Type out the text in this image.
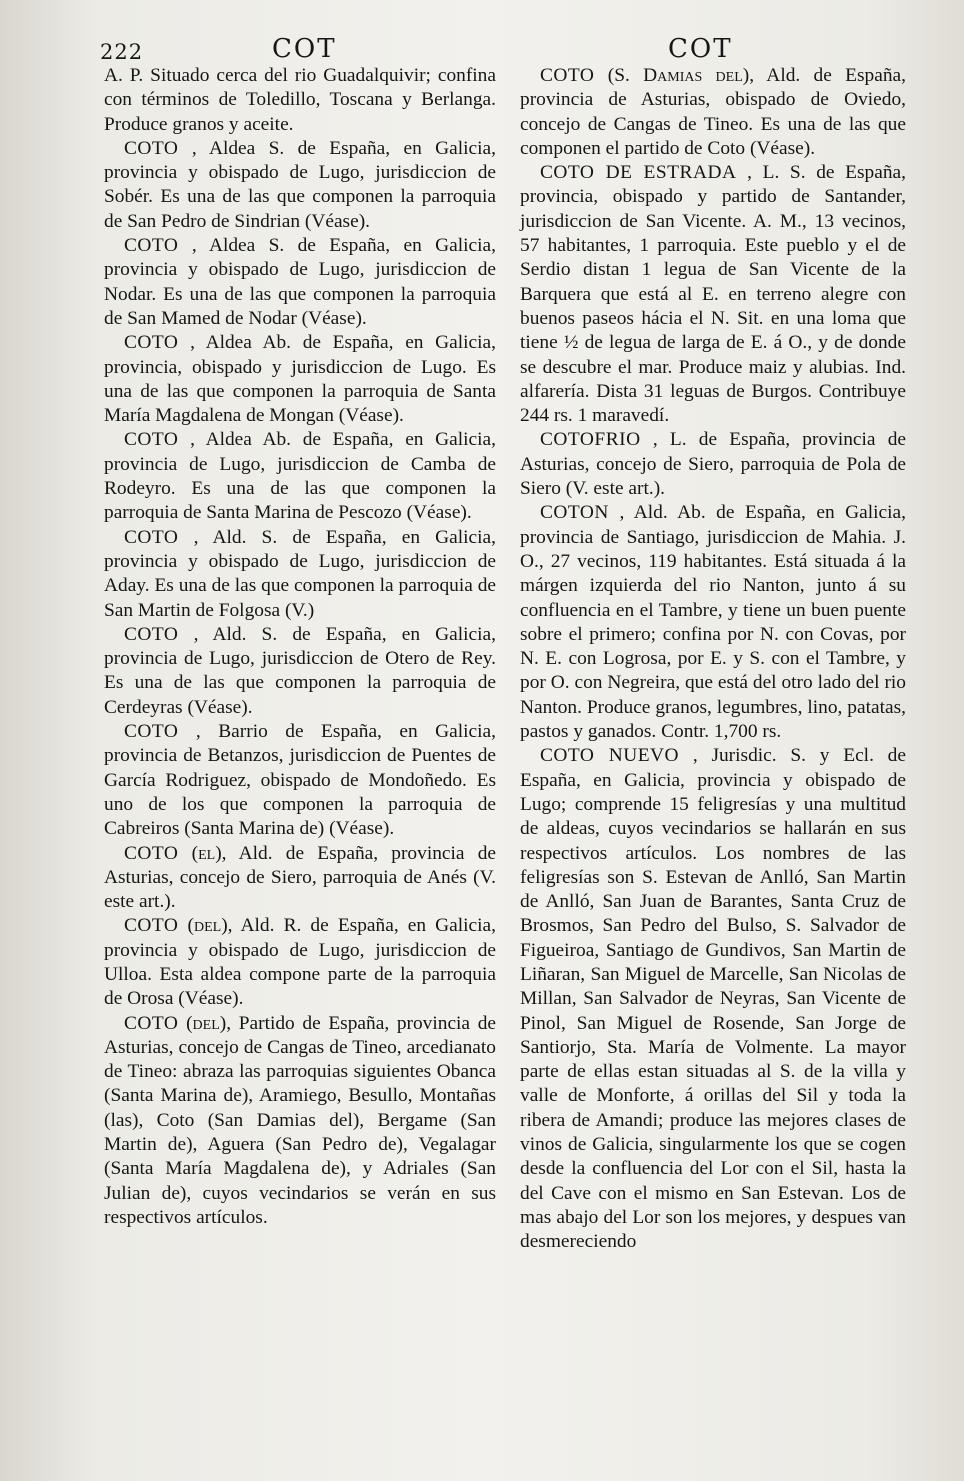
222	COT	COT

A. P. Situado cerca del rio Guadalquivir; confina con términos de Toledillo, Toscana y Berlanga. Produce granos y aceite.

COTO , Aldea S. de España, en Galicia, provincia y obispado de Lugo, jurisdiccion de Sobér. Es una de las que componen la parroquia de San Pedro de Sindrian (Véase).

COTO , Aldea S. de España, en Galicia, provincia y obispado de Lugo, jurisdiccion de Nodar. Es una de las que componen la parroquia de San Mamed de Nodar (Véase).

COTO , Aldea Ab. de España, en Galicia, provincia, obispado y jurisdiccion de Lugo. Es una de las que componen la parroquia de Santa María Magdalena de Mongan (Véase).

COTO , Aldea Ab. de España, en Galicia, provincia de Lugo, jurisdiccion de Camba de Rodeyro. Es una de las que componen la parroquia de Santa Marina de Pescozo (Véase).

COTO , Ald. S. de España, en Galicia, provincia y obispado de Lugo, jurisdiccion de Aday. Es una de las que componen la parroquia de San Martin de Folgosa (V.)

COTO , Ald. S. de España, en Galicia, provincia de Lugo, jurisdiccion de Otero de Rey. Es una de las que componen la parroquia de Cerdeyras (Véase).

COTO , Barrio de España, en Galicia, provincia de Betanzos, jurisdiccion de Puentes de García Rodriguez, obispado de Mondoñedo. Es uno de los que componen la parroquia de Cabreiros (Santa Marina de) (Véase).

COTO (el), Ald. de España, provincia de Asturias, concejo de Siero, parroquia de Anés (V. este art.).

COTO (del), Ald. R. de España, en Galicia, provincia y obispado de Lugo, jurisdiccion de Ulloa. Esta aldea compone parte de la parroquia de Orosa (Véase).

COTO (del), Partido de España, provincia de Asturias, concejo de Cangas de Tineo, arcedianato de Tineo: abraza las parroquias siguientes Obanca (Santa Marina de), Aramiego, Besullo, Montañas (las), Coto (San Damias del), Bergame (San Martin de), Aguera (San Pedro de), Vegalagar (Santa María Magdalena de), y Adriales (San Julian de), cuyos vecindarios se verán en sus respectivos artículos.

COTO (S. Damias del), Ald. de España, provincia de Asturias, obispado de Oviedo, concejo de Cangas de Tineo. Es una de las que componen el partido de Coto (Véase).

COTO DE ESTRADA , L. S. de España, provincia, obispado y partido de Santander, jurisdiccion de San Vicente. A. M., 13 vecinos, 57 habitantes, 1 parroquia. Este pueblo y el de Serdio distan 1 legua de San Vicente de la Barquera que está al E. en terreno alegre con buenos paseos hácia el N. Sit. en una loma que tiene ½ de legua de larga de E. á O., y de donde se descubre el mar. Produce maiz y alubias. Ind. alfarería. Dista 31 leguas de Burgos. Contribuye 244 rs. 1 maravedí.

COTOFRIO , L. de España, provincia de Asturias, concejo de Siero, parroquia de Pola de Siero (V. este art.).

COTON , Ald. Ab. de España, en Galicia, provincia de Santiago, jurisdiccion de Mahia. J. O., 27 vecinos, 119 habitantes. Está situada á la márgen izquierda del rio Nanton, junto á su confluencia en el Tambre, y tiene un buen puente sobre el primero; confina por N. con Covas, por N. E. con Logrosa, por E. y S. con el Tambre, y por O. con Negreira, que está del otro lado del rio Nanton. Produce granos, legumbres, lino, patatas, pastos y ganados. Contr. 1,700 rs.

COTO NUEVO , Jurisdic. S. y Ecl. de España, en Galicia, provincia y obispado de Lugo; comprende 15 feligresías y una multitud de aldeas, cuyos vecindarios se hallarán en sus respectivos artículos. Los nombres de las feligresías son S. Estevan de Anlló, San Martin de Anlló, San Juan de Barantes, Santa Cruz de Brosmos, San Pedro del Bulso, S. Salvador de Figueiroa, Santiago de Gundivos, San Martin de Liñaran, San Miguel de Marcelle, San Nicolas de Millan, San Salvador de Neyras, San Vicente de Pinol, San Miguel de Rosende, San Jorge de Santiorjo, Sta. María de Volmente. La mayor parte de ellas estan situadas al S. de la villa y valle de Monforte, á orillas del Sil y toda la ribera de Amandi; produce las mejores clases de vinos de Galicia, singularmente los que se cogen desde la confluencia del Lor con el Sil, hasta la del Cave con el mismo en San Estevan. Los de mas abajo del Lor son los mejores, y despues van desmereciendo
